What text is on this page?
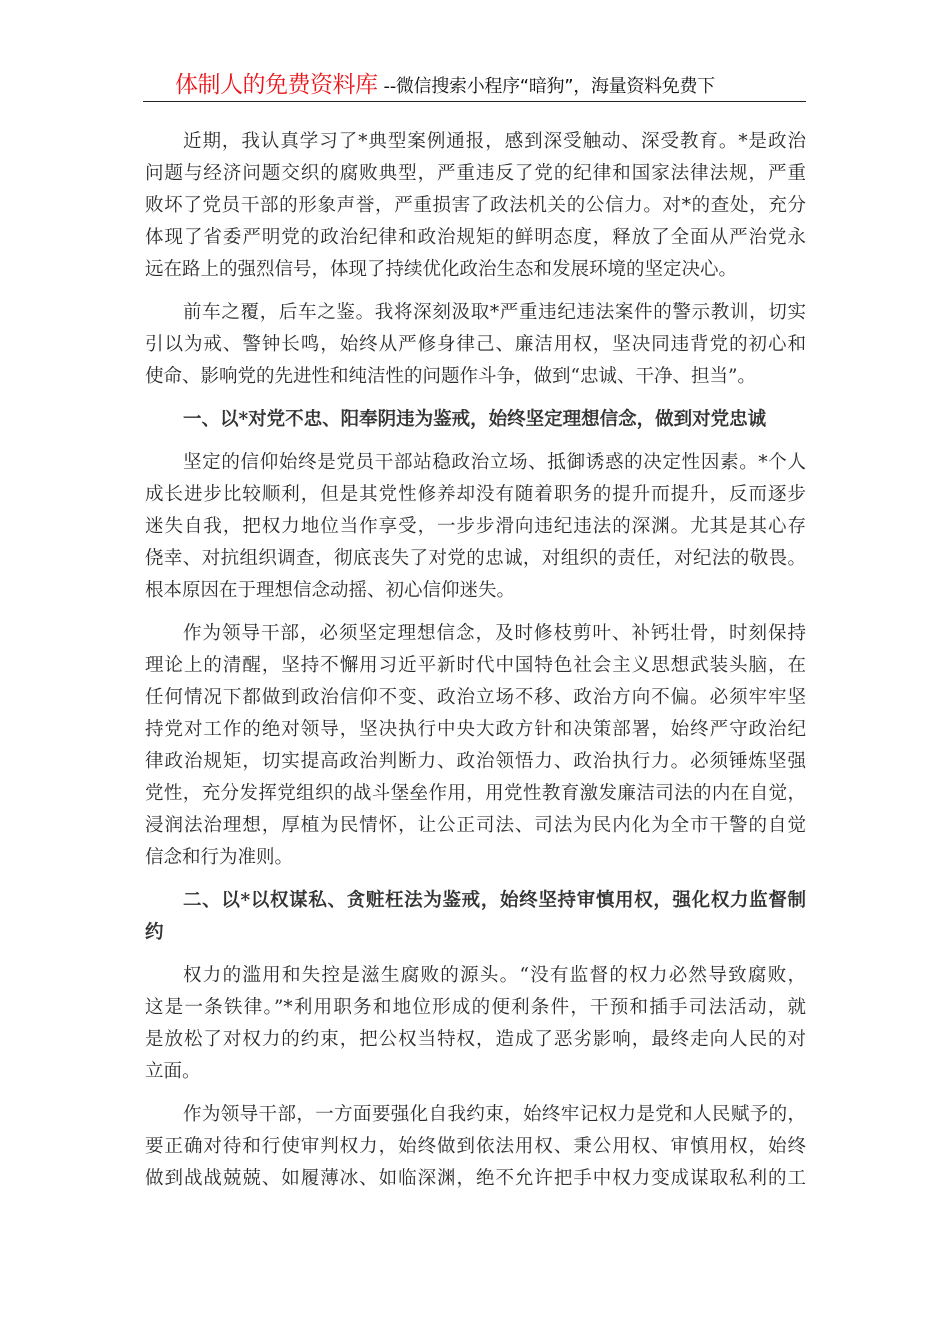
体制人的免费资料库 --微信搜索小程序“暗狗”，海量资料免费下
近期，我认真学习了*典型案例通报，感到深受触动、深受教育。*是政治
问题与经济问题交织的腐败典型，严重违反了党的纪律和国家法律法规，严重
败坏了党员干部的形象声誉，严重损害了政法机关的公信力。对*的查处，充分
体现了省委严明党的政治纪律和政治规矩的鲜明态度，释放了全面从严治党永
远在路上的强烈信号，体现了持续优化政治生态和发展环境的坚定决心。
前车之覆，后车之鉴。我将深刻汲取*严重违纪违法案件的警示教训，切实
引以为戒、警钟长鸣，始终从严修身律己、廉洁用权，坚决同违背党的初心和
使命、影响党的先进性和纯洁性的问题作斗争，做到“忠诚、干净、担当”。
一、以*对党不忠、阳奉阴违为鉴戒，始终坚定理想信念，做到对党忠诚
坚定的信仰始终是党员干部站稳政治立场、抵御诱惑的决定性因素。*个人
成长进步比较顺利，但是其党性修养却没有随着职务的提升而提升，反而逐步
迷失自我，把权力地位当作享受，一步步滑向违纪违法的深渊。尤其是其心存
侥幸、对抗组织调查，彻底丧失了对党的忠诚，对组织的责任，对纪法的敬畏。
根本原因在于理想信念动摇、初心信仰迷失。
作为领导干部，必须坚定理想信念，及时修枝剪叶、补钙壮骨，时刻保持
理论上的清醒，坚持不懈用习近平新时代中国特色社会主义思想武装头脑，在
任何情况下都做到政治信仰不变、政治立场不移、政治方向不偏。必须牢牢坚
持党对工作的绝对领导，坚决执行中央大政方针和决策部署，始终严守政治纪
律政治规矩，切实提高政治判断力、政治领悟力、政治执行力。必须锤炼坚强
党性，充分发挥党组织的战斗堡垒作用，用党性教育激发廉洁司法的内在自觉，
浸润法治理想，厚植为民情怀，让公正司法、司法为民内化为全市干警的自觉
信念和行为准则。
二、以*以权谋私、贪赃枉法为鉴戒，始终坚持审慎用权，强化权力监督制
约
权力的滥用和失控是滋生腐败的源头。“没有监督的权力必然导致腐败，
这是一条铁律。”*利用职务和地位形成的便利条件，干预和插手司法活动，就
是放松了对权力的约束，把公权当特权，造成了恶劣影响，最终走向人民的对
立面。
作为领导干部，一方面要强化自我约束，始终牢记权力是党和人民赋予的，
要正确对待和行使审判权力，始终做到依法用权、秉公用权、审慎用权，始终
做到战战兢兢、如履薄冰、如临深渊，绝不允许把手中权力变成谋取私利的工
